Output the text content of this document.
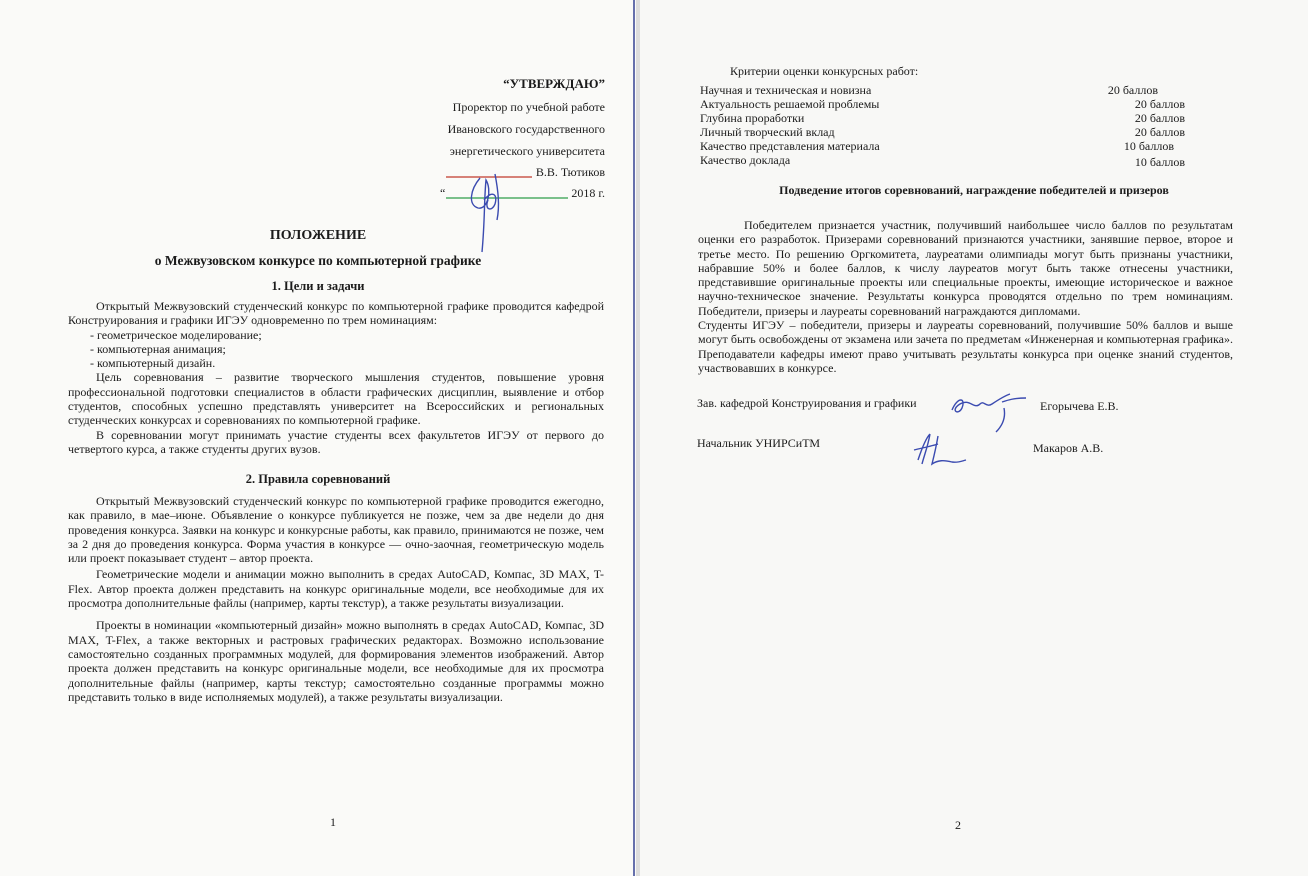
“УТВЕРЖДАЮ”
Проректор по учебной работе
Ивановского государственного
энергетического университета
В.В. Тютиков
“	2018 г.
ПОЛОЖЕНИЕ
о Межвузовском конкурсе по компьютерной графике
1. Цели и задачи

Открытый Межвузовский студенческий конкурс по компьютерной графике проводится кафедрой Конструирования и графики ИГЭУ одновременно по трем номинациям:

- геометрическое моделирование;

- компьютерная анимация;

- компьютерный дизайн.

Цель соревнования – развитие творческого мышления студентов, повышение уровня профессиональной подготовки специалистов в области графических дисциплин, выявление и отбор студентов, способных успешно представлять университет на Всероссийских и региональных студенческих конкурсах и соревнованиях по компьютерной графике.

В соревновании могут принимать участие студенты всех факультетов ИГЭУ от первого до четвертого курса, а также студенты других вузов.

2. Правила соревнований

Открытый Межвузовский студенческий конкурс по компьютерной графике проводится ежегодно, как правило, в мае–июне. Объявление о конкурсе публикуется не позже, чем за две недели до дня проведения конкурса. Заявки на конкурс и конкурсные работы, как правило, принимаются не позже, чем за 2 дня до проведения конкурса. Форма участия в конкурсе — очно-заочная, геометрическую модель или проект показывает студент – автор проекта.

Геометрические модели и анимации можно выполнить в средах AutoCAD, Компас, 3D MAX, T-Flex. Автор проекта должен представить на конкурс оригинальные модели, все необходимые для их просмотра дополнительные файлы (например, карты текстур), а также результаты визуализации.

Проекты в номинации «компьютерный дизайн» можно выполнять в средах AutoCAD, Компас, 3D MAX, T-Flex, а также векторных и растровых графических редакторах. Возможно использование самостоятельно созданных программных модулей, для формирования элементов изображений. Автор проекта должен представить на конкурс оригинальные модели, все необходимые для их просмотра дополнительные файлы (например, карты текстур; самостоятельно созданные программы можно представить только в виде исполняемых модулей), а также результаты визуализации.

1
Критерии оценки конкурсных работ:
Научная и техническая и новизна	20 баллов
Актуальность решаемой проблемы	20 баллов
Глубина проработки	20 баллов
Личный творческий вклад	20 баллов
Качество представления материала	10 баллов
Качество доклада	10 баллов
Подведение итогов соревнований, награждение победителей и призеров

Победителем признается участник, получивший наибольшее число баллов по результатам оценки его разработок. Призерами соревнований признаются участники, занявшие первое, второе и третье место. По решению Оргкомитета, лауреатами олимпиады могут быть признаны участники, набравшие 50% и более баллов, к числу лауреатов могут быть также отнесены участники, представившие оригинальные проекты или специальные проекты, имеющие историческое и важное научно-техническое значение. Результаты конкурса проводятся отдельно по трем номинациям. Победители, призеры и лауреаты соревнований награждаются дипломами.

Студенты ИГЭУ – победители, призеры и лауреаты соревнований, получившие 50% баллов и выше могут быть освобождены от экзамена или зачета по предметам «Инженерная и компьютерная графика». Преподаватели кафедры имеют право учитывать результаты конкурса при оценке знаний студентов, участвовавших в конкурсе.

Зав. кафедрой Конструирования и графики	Егорычева Е.В.
Начальник УНИРСиТМ	Макаров А.В.
2
